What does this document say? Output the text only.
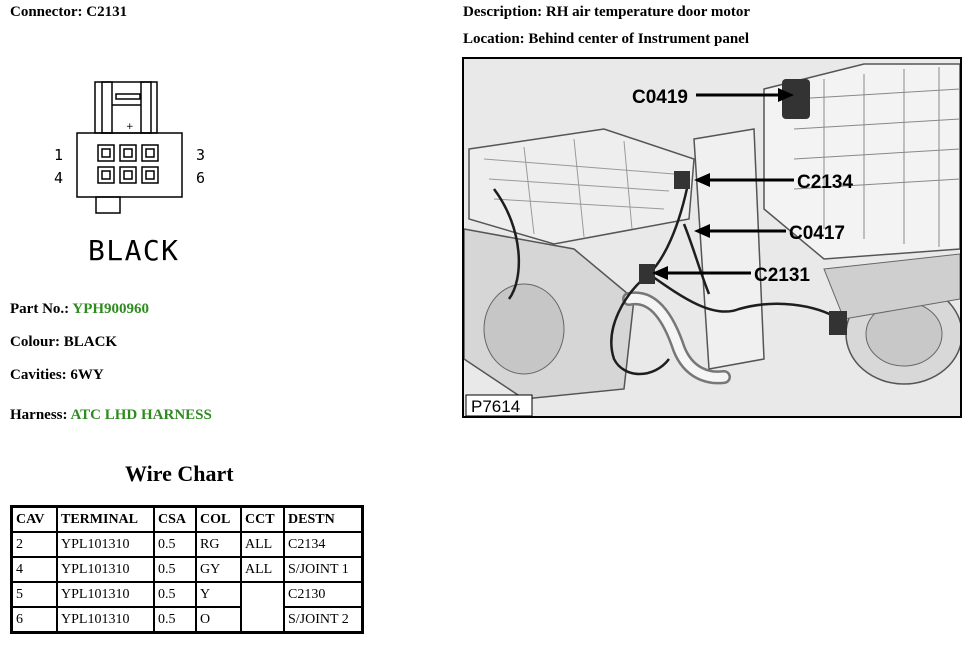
Connector: C2131	Description: RH air temperature door motor
Location: Behind center of Instrument panel
+
1
4
3
6
BLACK
Part No.: YPH900960
Colour: BLACK
Cavities: 6WY
Harness: ATC LHD HARNESS
Wire Chart
CAV	TERMINAL	CSA	COL	CCT	DESTN
2	YPL101310	0.5	RG	ALL	C2134
4	YPL101310	0.5	GY	ALL	S/JOINT 1
5	YPL101310	0.5	Y		C2130
6	YPL101310	0.5	O		S/JOINT 2
C0419
C2134
C0417
C2131
P7614
